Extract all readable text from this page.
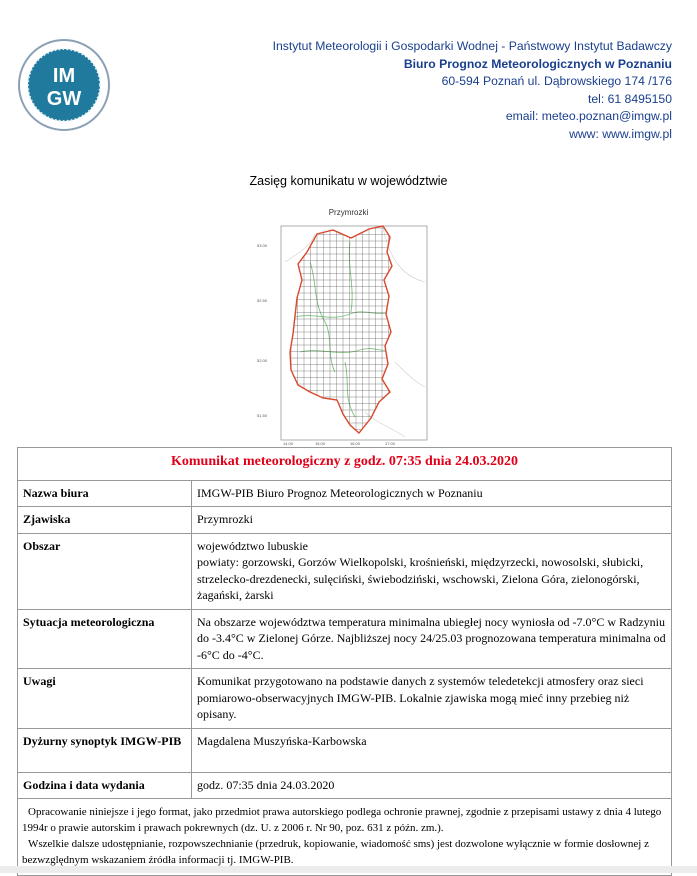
IM
GW
Instytut Meteorologii i Gospodarki Wodnej - Państwowy Instytut Badawczy
Biuro Prognoz Meteorologicznych w Poznaniu
60-594 Poznań ul. Dąbrowskiego 174 /176
tel: 61 8495150
email: meteo.poznan@imgw.pl
www: www.imgw.pl
Zasięg komunikatu w województwie
Przymrozki
53.00
52.50
52.00
51.50
14.00	15.00	16.00	17.00
Komunikat meteorologiczny z godz. 07:35 dnia 24.03.2020	
Nazwa biura	IMGW-PIB Biuro Prognoz Meteorologicznych w Poznaniu
Zjawiska	Przymrozki
Obszar	województwo lubuskie
powiaty: gorzowski, Gorzów Wielkopolski, krośnieński, międzyrzecki, nowosolski, słubicki, strzelecko-drezdenecki, sulęciński, świebodziński, wschowski, Zielona Góra, zielonogórski, żagański, żarski

Sytuacja meteorologiczna	Na obszarze województwa temperatura minimalna ubiegłej nocy wyniosła od -7.0°C w Radzyniu do -3.4°C w Zielonej Górze. Najbliższej nocy 24/25.03 prognozowana temperatura minimalna od -6°C do -4°C.
Uwagi	Komunikat przygotowano na podstawie danych z systemów teledetekcji atmosfery oraz sieci pomiarowo-obserwacyjnych IMGW-PIB. Lokalnie zjawiska mogą mieć inny przebieg niż opisany.
Dyżurny synoptyk IMGW-PIB	Magdalena Muszyńska-Karbowska
Godzina i data wydania	godz. 07:35 dnia 24.03.2020

Opracowanie niniejsze i jego format, jako przedmiot prawa autorskiego podlega ochronie prawnej, zgodnie z przepisami ustawy z dnia 4 lutego 1994r o prawie autorskim i prawach pokrewnych (dz. U. z 2006 r. Nr 90, poz. 631 z późn. zm.).
Wszelkie dalsze udostępnianie, rozpowszechnianie (przedruk, kopiowanie, wiadomość sms) jest dozwolone wyłącznie w formie dosłownej z bezwzględnym wskazaniem źródła informacji tj. IMGW-PIB.	
